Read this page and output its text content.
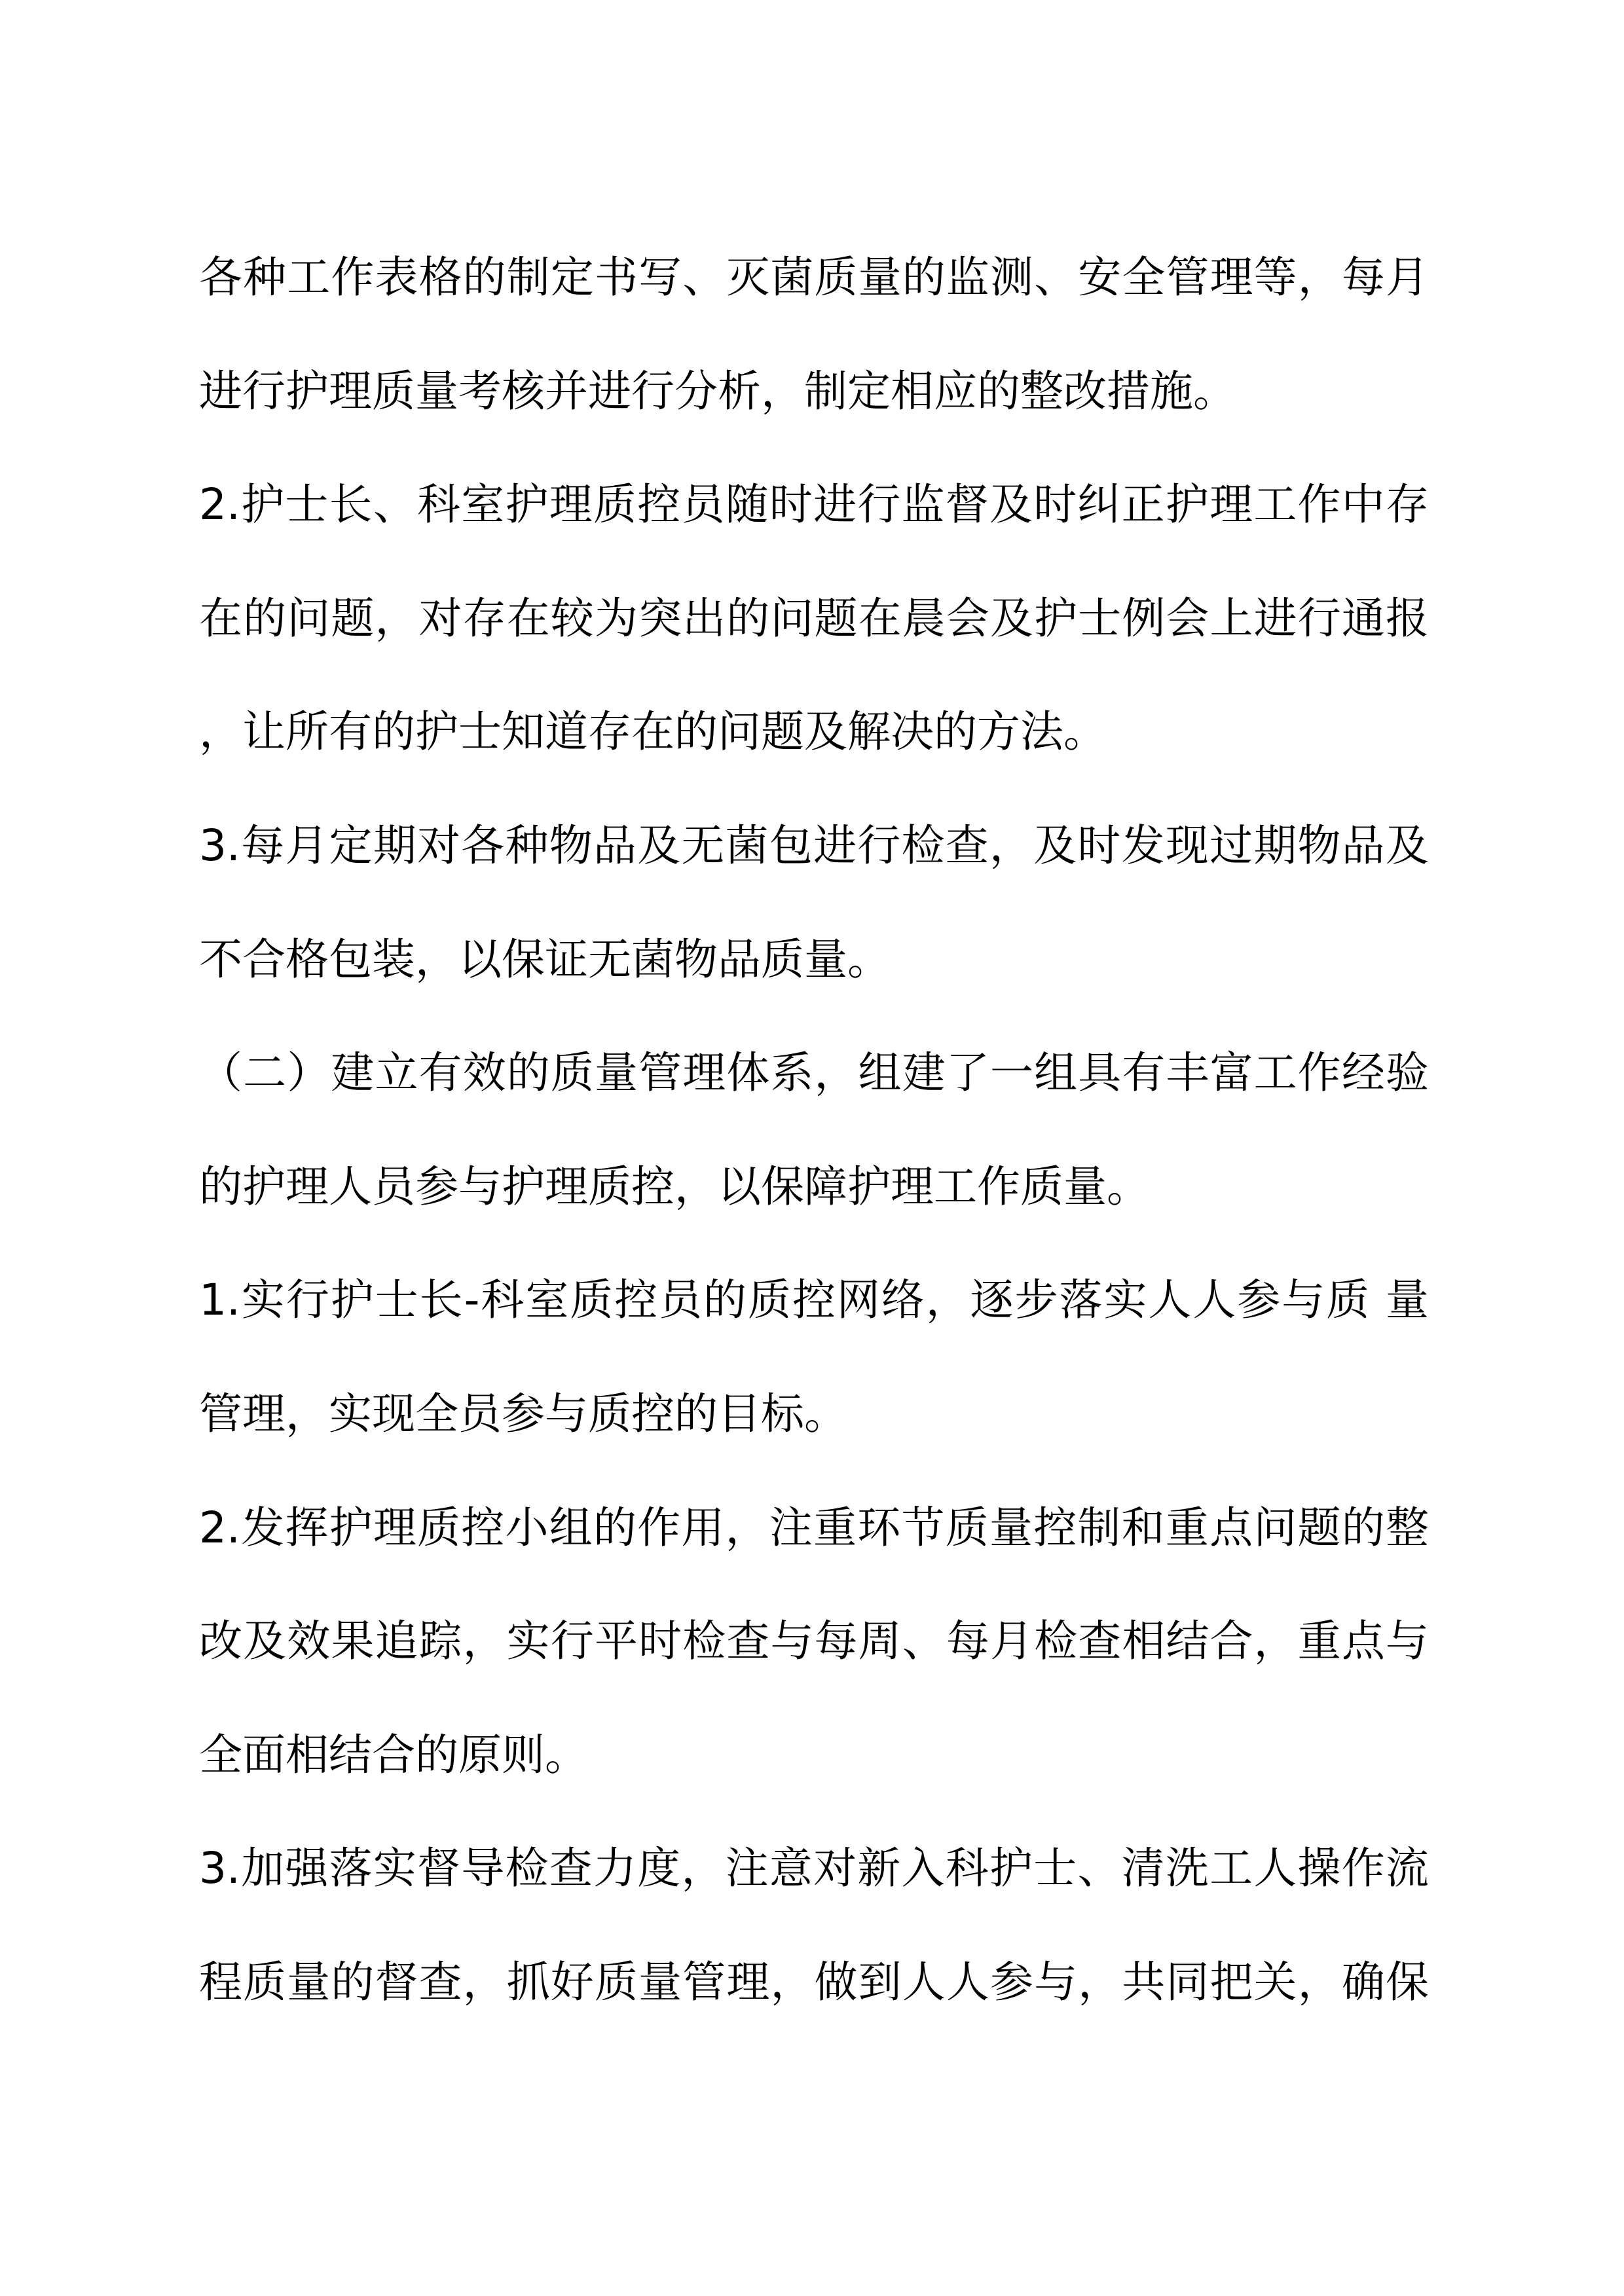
各种工作表格的制定书写、灭菌质量的监测、安全管理等，每月
进行护理质量考核并进行分析，制定相应的整改措施。
2.护士长、科室护理质控员随时进行监督及时纠正护理工作中存
在的问题，对存在较为突出的问题在晨会及护士例会上进行通报
，让所有的护士知道存在的问题及解决的方法。
3.每月定期对各种物品及无菌包进行检查，及时发现过期物品及
不合格包装，以保证无菌物品质量。
（二）建立有效的质量管理体系，组建了一组具有丰富工作经验
的护理人员参与护理质控，以保障护理工作质量。
1.实行护士长-科室质控员的质控网络，逐步落实人人参与质 量
管理，实现全员参与质控的目标。
2.发挥护理质控小组的作用，注重环节质量控制和重点问题的整
改及效果追踪，实行平时检查与每周、每月检查相结合，重点与
全面相结合的原则。
3.加强落实督导检查力度，注意对新入科护士、清洗工人操作流
程质量的督查，抓好质量管理，做到人人参与，共同把关，确保
